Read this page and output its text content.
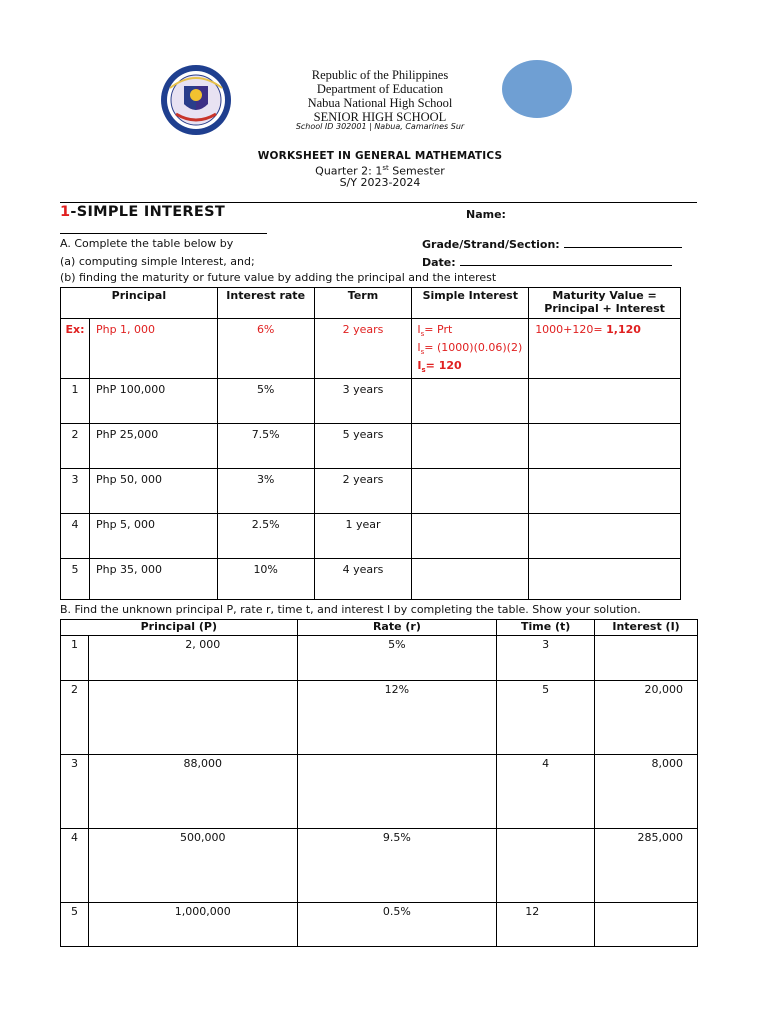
Republic of the Philippines
Department of Education
Nabua National High School
SENIOR HIGH SCHOOL
School ID 302001 | Nabua, Camarines Sur
WORKSHEET IN GENERAL MATHEMATICS
Quarter 2: 1st Semester
S/Y 2023-2024
1-SIMPLE INTEREST	Name:
A. Complete the table below by	Grade/Strand/Section:
(a) computing simple Interest, and;	Date:
(b) finding the maturity or future value by adding the principal and the interest
Principal		Interest rate	Term	Simple Interest	Maturity Value =
Principal + Interest
Ex:	Php 1, 000	6%	2 years	$I_s=$ Prt
$I_s= (1000)(0.06)(2)$
$I_s= 120$	1000+120= 1,120
1	PhP 100,000	5%	3 years		
2	PhP 25,000	7.5%	5 years		
3	Php 50, 000	3%	2 years		
4	Php 5, 000	2.5%	1 year		
5	Php 35, 000	10%	4 years		
B. Find the unknown principal P, rate r, time t, and interest I by completing the table. Show your solution.
Principal (P)		Rate (r)	Time (t)	Interest (I)
1	2, 000	5%	3	
2		12%	5	20,000
3	88,000		4	8,000
4	500,000	9.5%		285,000
5	1,000,000	0.5%	12	
